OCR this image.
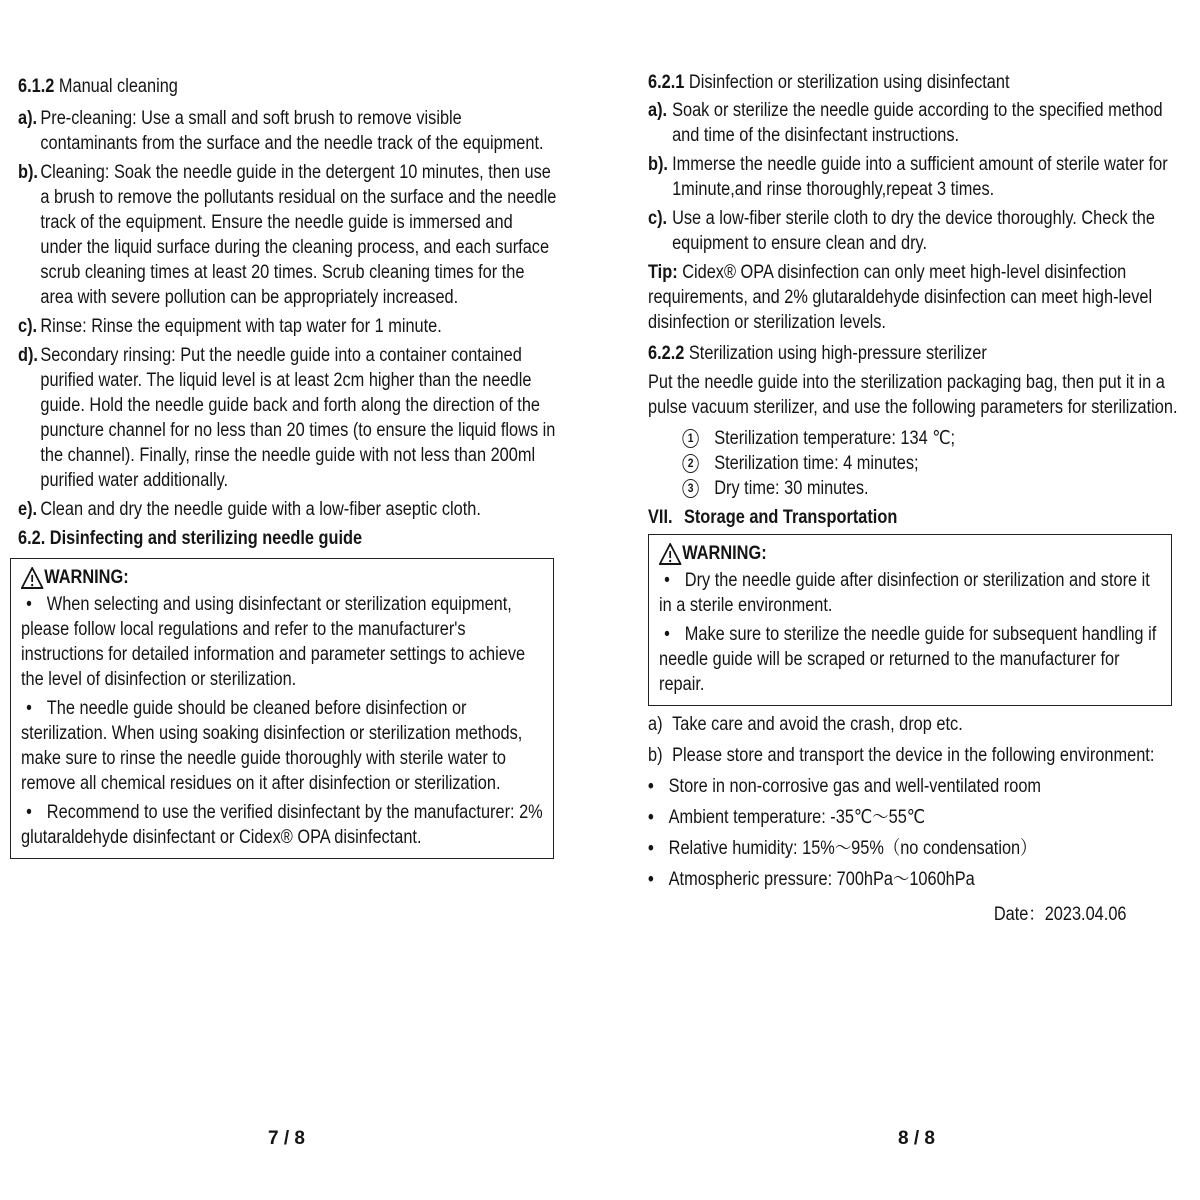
6.1.2 Manual cleaning
a). Pre-cleaning: Use a small and soft brush to remove visible contaminants from the surface and the needle track of the equipment.
b). Cleaning: Soak the needle guide in the detergent 10 minutes, then use a brush to remove the pollutants residual on the surface and the needle track of the equipment. Ensure the needle guide is immersed and under the liquid surface during the cleaning process, and each surface scrub cleaning times at least 20 times. Scrub cleaning times for the area with severe pollution can be appropriately increased.
c). Rinse: Rinse the equipment with tap water for 1 minute.
d). Secondary rinsing: Put the needle guide into a container contained purified water. The liquid level is at least 2cm higher than the needle guide. Hold the needle guide back and forth along the direction of the puncture channel for no less than 20 times (to ensure the liquid flows in the channel). Finally, rinse the needle guide with not less than 200ml purified water additionally.
e). Clean and dry the needle guide with a low-fiber aseptic cloth.
6.2. Disinfecting and sterilizing needle guide
WARNING:
• When selecting and using disinfectant or sterilization equipment, please follow local regulations and refer to the manufacturer's instructions for detailed information and parameter settings to achieve the level of disinfection or sterilization.
• The needle guide should be cleaned before disinfection or sterilization. When using soaking disinfection or sterilization methods, make sure to rinse the needle guide thoroughly with sterile water to remove all chemical residues on it after disinfection or sterilization.
• Recommend to use the verified disinfectant by the manufacturer: 2% glutaraldehyde disinfectant or Cidex® OPA disinfectant.
7 / 8
6.2.1 Disinfection or sterilization using disinfectant
a). Soak or sterilize the needle guide according to the specified method and time of the disinfectant instructions.
b). Immerse the needle guide into a sufficient amount of sterile water for 1minute,and rinse thoroughly,repeat 3 times.
c). Use a low-fiber sterile cloth to dry the device thoroughly. Check the equipment to ensure clean and dry.
Tip: Cidex® OPA disinfection can only meet high-level disinfection requirements, and 2% glutaraldehyde disinfection can meet high-level disinfection or sterilization levels.
6.2.2 Sterilization using high-pressure sterilizer
Put the needle guide into the sterilization packaging bag, then put it in a pulse vacuum sterilizer, and use the following parameters for sterilization.
1 Sterilization temperature: 134 ℃;
2 Sterilization time: 4 minutes;
3 Dry time: 30 minutes.
VII. Storage and Transportation
WARNING:
• Dry the needle guide after disinfection or sterilization and store it in a sterile environment.
• Make sure to sterilize the needle guide for subsequent handling if needle guide will be scraped or returned to the manufacturer for repair.
a) Take care and avoid the crash, drop etc.
b) Please store and transport the device in the following environment:
• Store in non-corrosive gas and well-ventilated room
• Ambient temperature: -35℃～55℃
• Relative humidity: 15%～95%（no condensation）
• Atmospheric pressure: 700hPa～1060hPa
Date：2023.04.06
8 / 8
